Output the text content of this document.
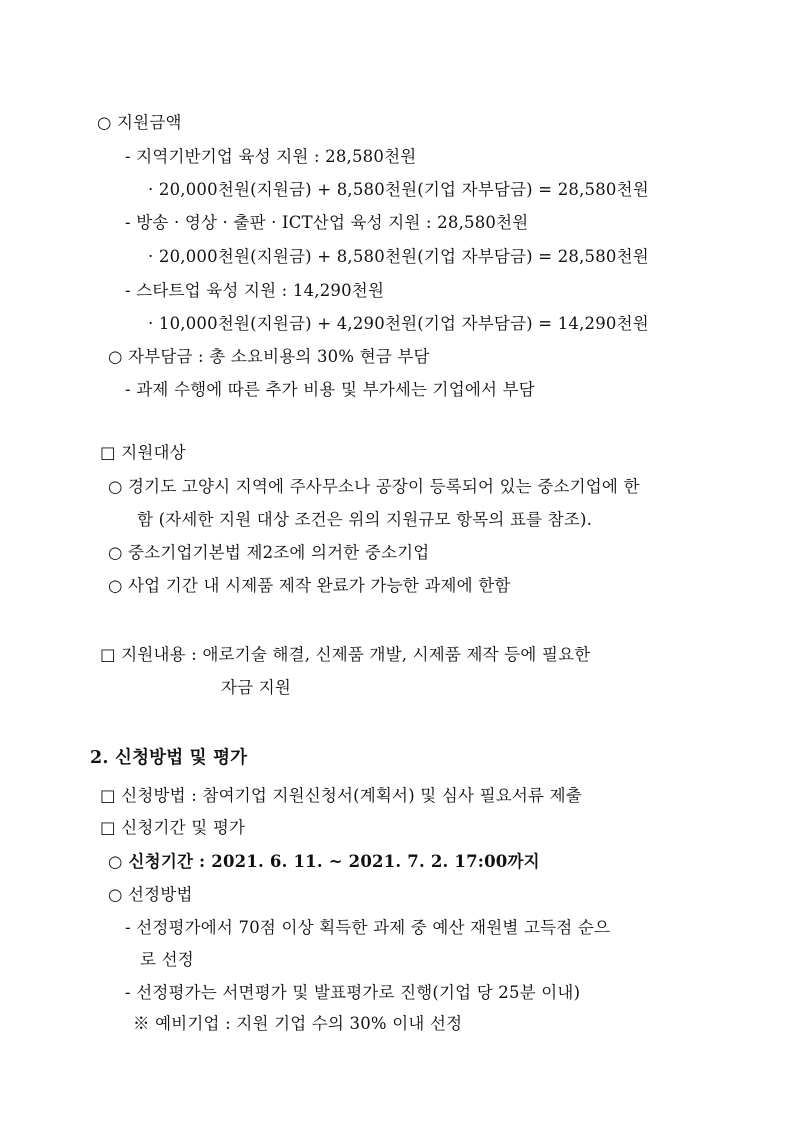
○ 지원금액
- 지역기반기업 육성 지원 : 28,580천원
· 20,000천원(지원금) + 8,580천원(기업 자부담금) = 28,580천원
- 방송 · 영상 · 출판 · ICT산업 육성 지원 : 28,580천원
· 20,000천원(지원금) + 8,580천원(기업 자부담금) = 28,580천원
- 스타트업 육성 지원 : 14,290천원
· 10,000천원(지원금) + 4,290천원(기업 자부담금) = 14,290천원
○ 자부담금 : 총 소요비용의 30% 현금 부담
- 과제 수행에 따른 추가 비용 및 부가세는 기업에서 부담
□ 지원대상
○ 경기도 고양시 지역에 주사무소나 공장이 등록되어 있는 중소기업에 한
함 (자세한 지원 대상 조건은 위의 지원규모 항목의 표를 참조).
○ 중소기업기본법 제2조에 의거한 중소기업
○ 사업 기간 내 시제품 제작 완료가 가능한 과제에 한함
□ 지원내용 : 애로기술 해결, 신제품 개발, 시제품 제작 등에 필요한
자금 지원
2. 신청방법 및 평가
□ 신청방법 : 참여기업 지원신청서(계획서) 및 심사 필요서류 제출
□ 신청기간 및 평가
○ 신청기간 : 2021. 6. 11. ~ 2021. 7. 2. 17:00까지
○ 선정방법
- 선정평가에서 70점 이상 획득한 과제 중 예산 재원별 고득점 순으
로 선정
- 선정평가는 서면평가 및 발표평가로 진행(기업 당 25분 이내)
※ 예비기업 : 지원 기업 수의 30% 이내 선정
